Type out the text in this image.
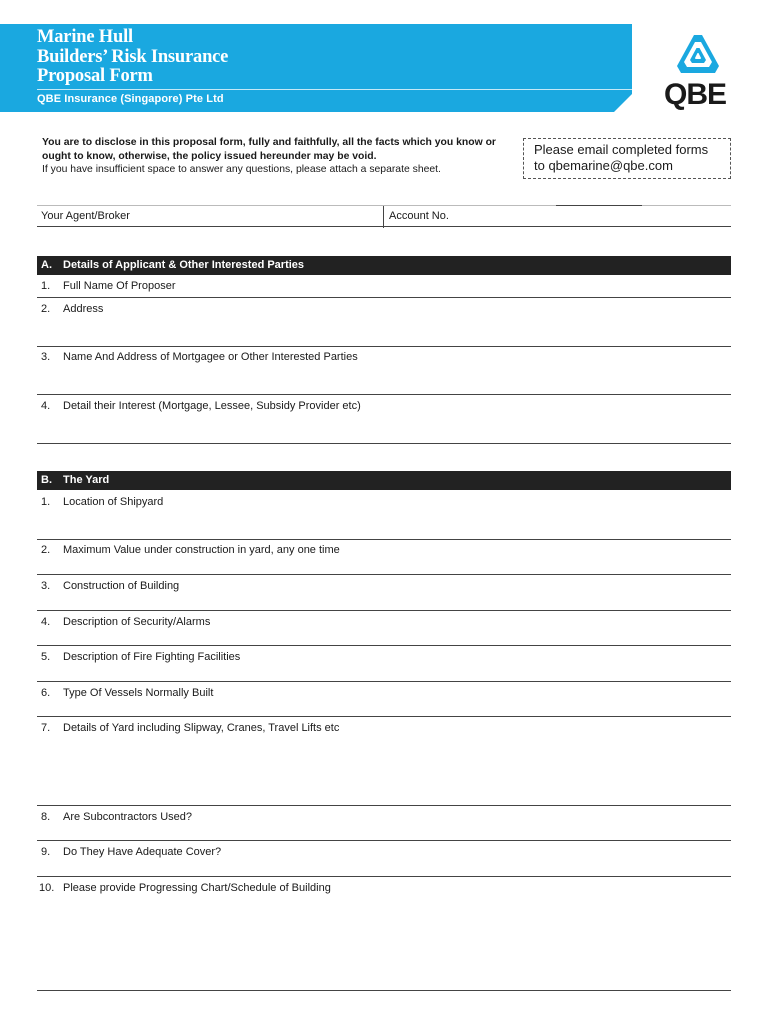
Marine Hull
Builders’ Risk Insurance
Proposal Form
QBE Insurance (Singapore) Pte Ltd	QBE
You are to disclose in this proposal form, fully and faithfully, all the facts which you know or ought to know, otherwise, the policy issued hereunder may be void.
If you have insufficient space to answer any questions, please attach a separate sheet.
Please email completed forms
to qbemarine@qbe.com
Your Agent/Broker	Account No.
A. Details of Applicant & Other Interested Parties
1. Full Name Of Proposer
2. Address
3. Name And Address of Mortgagee or Other Interested Parties
4. Detail their Interest (Mortgage, Lessee, Subsidy Provider etc)
B. The Yard
1. Location of Shipyard
2. Maximum Value under construction in yard, any one time
3. Construction of Building
4. Description of Security/Alarms
5. Description of Fire Fighting Facilities
6. Type Of Vessels Normally Built
7. Details of Yard including Slipway, Cranes, Travel Lifts etc
8. Are Subcontractors Used?
9. Do They Have Adequate Cover?
10. Please provide Progressing Chart/Schedule of Building
